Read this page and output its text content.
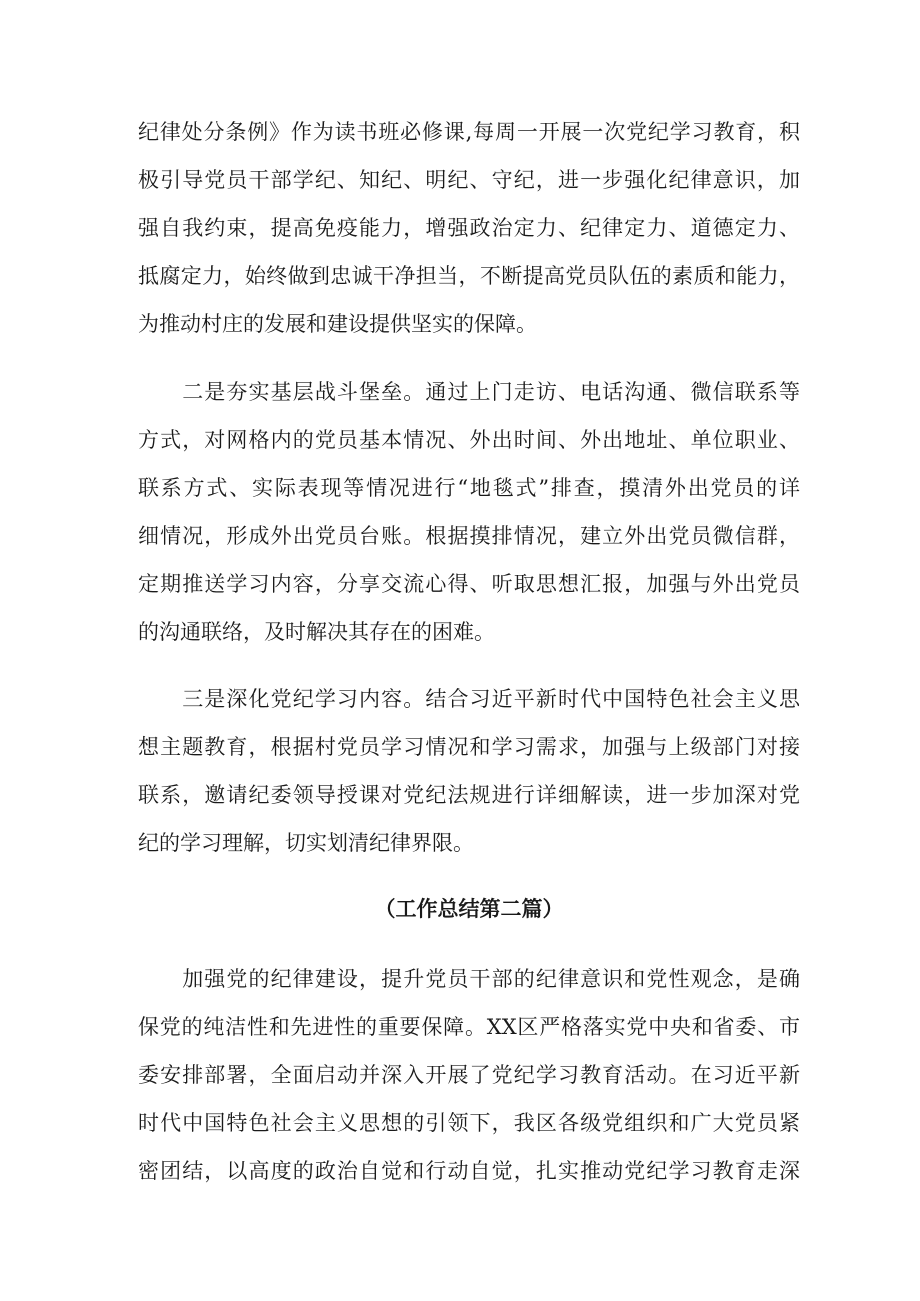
纪律处分条例》作为读书班必修课,每周一开展一次党纪学习教育，积
极引导党员干部学纪、知纪、明纪、守纪，进一步强化纪律意识，加
强自我约束，提高免疫能力，增强政治定力、纪律定力、道德定力、
抵腐定力，始终做到忠诚干净担当，不断提高党员队伍的素质和能力，
为推动村庄的发展和建设提供坚实的保障。
　　二是夯实基层战斗堡垒。通过上门走访、电话沟通、微信联系等
方式，对网格内的党员基本情况、外出时间、外出地址、单位职业、
联系方式、实际表现等情况进行“地毯式”排查，摸清外出党员的详
细情况，形成外出党员台账。根据摸排情况，建立外出党员微信群，
定期推送学习内容，分享交流心得、听取思想汇报，加强与外出党员
的沟通联络，及时解决其存在的困难。
　　三是深化党纪学习内容。结合习近平新时代中国特色社会主义思
想主题教育，根据村党员学习情况和学习需求，加强与上级部门对接
联系，邀请纪委领导授课对党纪法规进行详细解读，进一步加深对党
纪的学习理解，切实划清纪律界限。
（工作总结第二篇）
　　加强党的纪律建设，提升党员干部的纪律意识和党性观念，是确
保党的纯洁性和先进性的重要保障。XX区严格落实党中央和省委、市
委安排部署，全面启动并深入开展了党纪学习教育活动。在习近平新
时代中国特色社会主义思想的引领下，我区各级党组织和广大党员紧
密团结，以高度的政治自觉和行动自觉，扎实推动党纪学习教育走深
